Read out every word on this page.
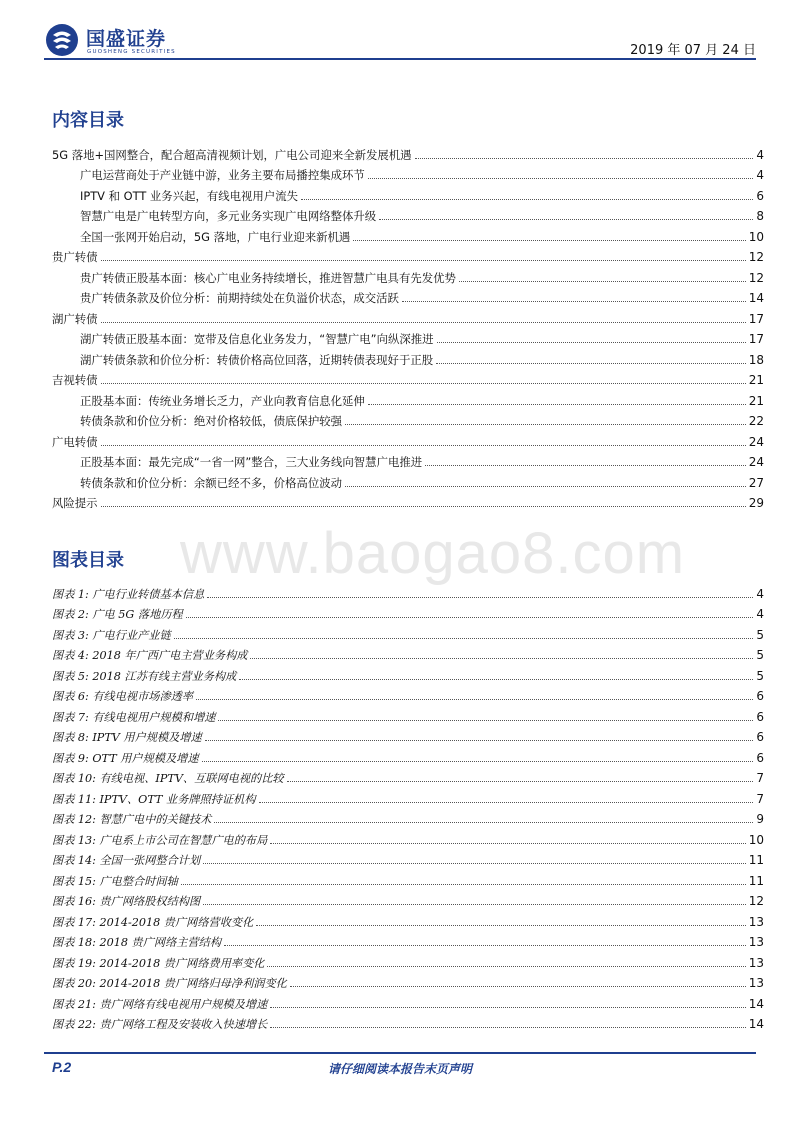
国盛证券
GUOSHENG SECURITIES	2019 年 07 月 24 日
www.baogao8.com
内容目录
5G 落地+国网整合，配合超高清视频计划，广电公司迎来全新发展机遇	4
广电运营商处于产业链中游，业务主要布局播控集成环节	4
IPTV 和 OTT 业务兴起，有线电视用户流失	6
智慧广电是广电转型方向，多元业务实现广电网络整体升级	8
全国一张网开始启动，5G 落地，广电行业迎来新机遇	10
贵广转债	12
贵广转债正股基本面：核心广电业务持续增长，推进智慧广电具有先发优势	12
贵广转债条款及价位分析：前期持续处在负溢价状态，成交活跃	14
湖广转债	17
湖广转债正股基本面：宽带及信息化业务发力，“智慧广电”向纵深推进	17
湖广转债条款和价位分析：转债价格高位回落，近期转债表现好于正股	18
吉视转债	21
正股基本面：传统业务增长乏力，产业向教育信息化延伸	21
转债条款和价位分析：绝对价格较低，债底保护较强	22
广电转债	24
正股基本面：最先完成“一省一网”整合，三大业务线向智慧广电推进	24
转债条款和价位分析：余额已经不多，价格高位波动	27
风险提示	29
图表目录
图表 1: 广电行业转债基本信息	4
图表 2: 广电 5G 落地历程	4
图表 3: 广电行业产业链	5
图表 4: 2018 年广西广电主营业务构成	5
图表 5: 2018 江苏有线主营业务构成	5
图表 6: 有线电视市场渗透率	6
图表 7: 有线电视用户规模和增速	6
图表 8: IPTV 用户规模及增速	6
图表 9: OTT 用户规模及增速	6
图表 10: 有线电视、IPTV、互联网电视的比较	7
图表 11: IPTV、OTT 业务牌照持证机构	7
图表 12: 智慧广电中的关键技术	9
图表 13: 广电系上市公司在智慧广电的布局	10
图表 14: 全国一张网整合计划	11
图表 15: 广电整合时间轴	11
图表 16: 贵广网络股权结构图	12
图表 17: 2014-2018 贵广网络营收变化	13
图表 18: 2018 贵广网络主营结构	13
图表 19: 2014-2018 贵广网络费用率变化	13
图表 20: 2014-2018 贵广网络归母净利润变化	13
图表 21: 贵广网络有线电视用户规模及增速	14
图表 22: 贵广网络工程及安装收入快速增长	14
P.2	请仔细阅读本报告末页声明
